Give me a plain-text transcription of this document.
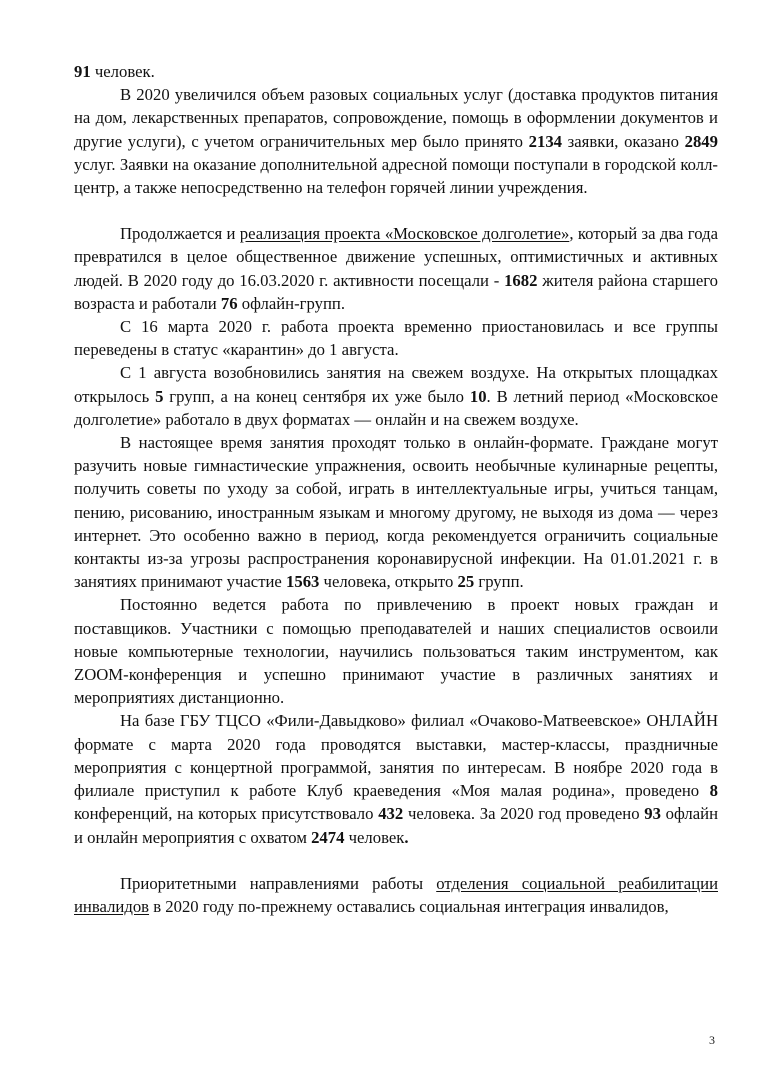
91 человек.

В 2020 увеличился объем разовых социальных услуг (доставка продуктов питания на дом, лекарственных препаратов, сопровождение, помощь в оформлении документов и другие услуги), с учетом ограничительных мер было принято 2134 заявки, оказано 2849 услуг. Заявки на оказание дополнительной адресной помощи поступали в городской колл-центр, а также непосредственно на телефон горячей линии учреждения.

Продолжается и реализация проекта «Московское долголетие», который за два года превратился в целое общественное движение успешных, оптимистичных и активных людей. В 2020 году до 16.03.2020 г. активности посещали - 1682 жителя района старшего возраста и работали 76 офлайн-групп.

С 16 марта 2020 г. работа проекта временно приостановилась и все группы переведены в статус «карантин» до 1 августа.

С 1 августа возобновились занятия на свежем воздухе. На открытых площадках открылось 5 групп, а на конец сентября их уже было 10. В летний период «Московское долголетие» работало в двух форматах — онлайн и на свежем воздухе.

В настоящее время занятия проходят только в онлайн-формате. Граждане могут разучить новые гимнастические упражнения, освоить необычные кулинарные рецепты, получить советы по уходу за собой, играть в интеллектуальные игры, учиться танцам, пению, рисованию, иностранным языкам и многому другому, не выходя из дома — через интернет. Это особенно важно в период, когда рекомендуется ограничить социальные контакты из-за угрозы распространения коронавирусной инфекции. На 01.01.2021 г. в занятиях принимают участие 1563 человека, открыто 25 групп.

Постоянно ведется работа по привлечению в проект новых граждан и поставщиков. Участники с помощью преподавателей и наших специалистов освоили новые компьютерные технологии, научились пользоваться таким инструментом, как ZOOM-конференция и успешно принимают участие в различных занятиях и мероприятиях дистанционно.

На базе ГБУ ТЦСО «Фили-Давыдково» филиал «Очаково-Матвеевское» ОНЛАЙН формате с марта 2020 года проводятся выставки, мастер-классы, праздничные мероприятия с концертной программой, занятия по интересам. В ноябре 2020 года в филиале приступил к работе Клуб краеведения «Моя малая родина», проведено 8 конференций, на которых присутствовало 432 человека. За 2020 год проведено 93 офлайн и онлайн мероприятия с охватом 2474 человек.

Приоритетными направлениями работы отделения социальной реабилитации инвалидов в 2020 году по-прежнему оставались социальная интеграция инвалидов,

3
